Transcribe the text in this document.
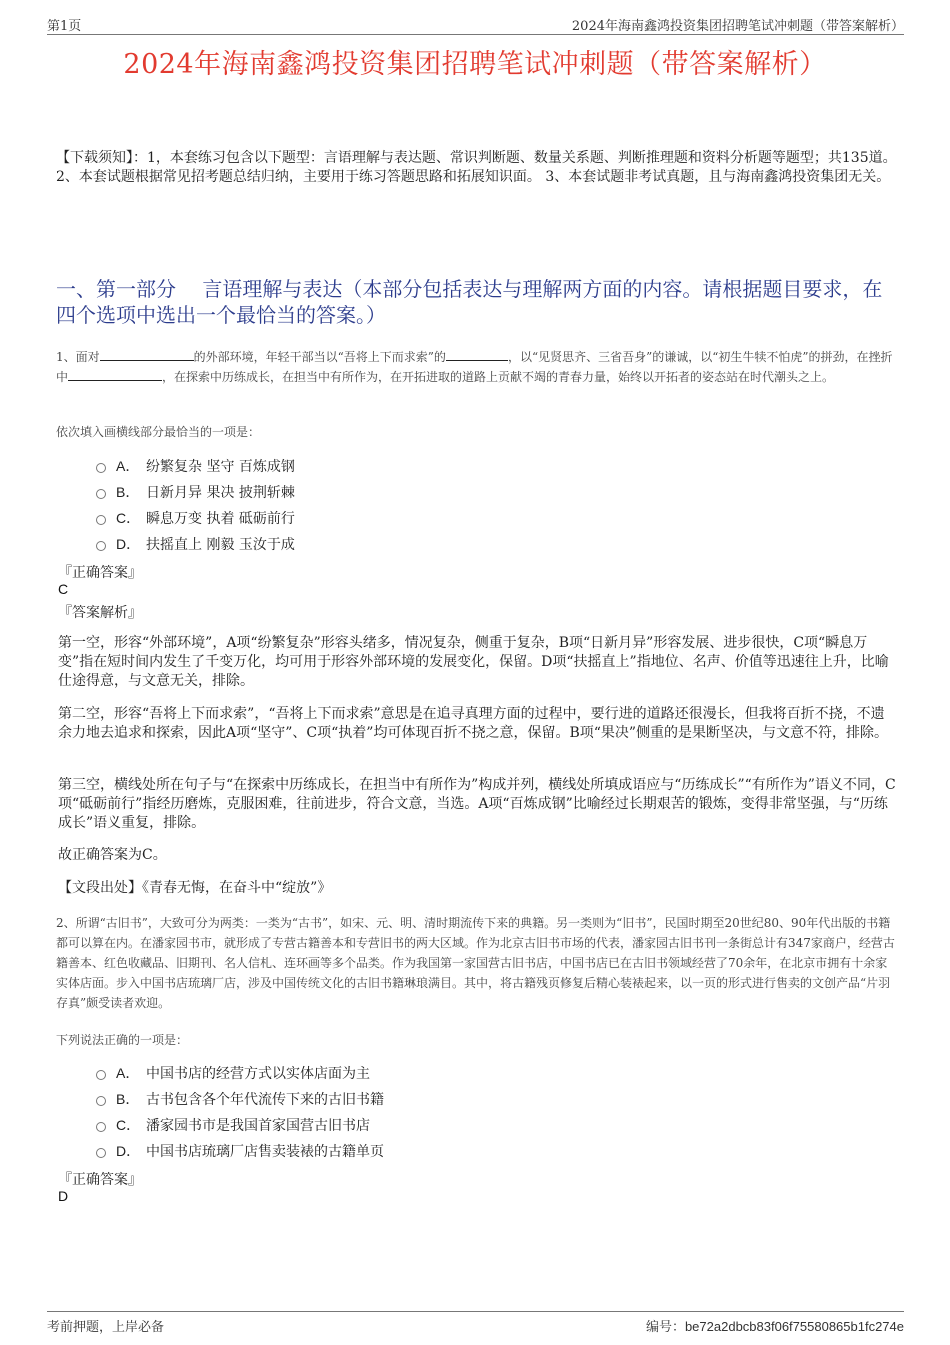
第1页	2024年海南鑫鸿投资集团招聘笔试冲刺题（带答案解析）
2024年海南鑫鸿投资集团招聘笔试冲刺题（带答案解析）
【下载须知】：1，本套练习包含以下题型：言语理解与表达题、常识判断题、数量关系题、判断推理题和资料分析题等题型；共135道。 2、本套试题根据常见招考题总结归纳，主要用于练习答题思路和拓展知识面。 3、本套试题非考试真题，且与海南鑫鸿投资集团无关。
一、第一部分　 言语理解与表达（本部分包括表达与理解两方面的内容。请根据题目要求，在四个选项中选出一个最恰当的答案。）
1、面对	的外部环境，年轻干部当以“吾将上下而求索”的	，以“见贤思齐、三省吾身”的谦诚，以“初生牛犊不怕虎”的拼劲，在挫折中	，在探索中历练成长，在担当中有所作为，在开拓进取的道路上贡献不竭的青春力量，始终以开拓者的姿态站在时代潮头之上。
依次填入画横线部分最恰当的一项是：
A． 纷繁复杂 坚守 百炼成钢
B． 日新月异 果决 披荆斩棘
C． 瞬息万变 执着 砥砺前行
D． 扶摇直上 刚毅 玉汝于成
『正确答案』
C
『答案解析』

第一空，形容“外部环境”，A项“纷繁复杂”形容头绪多，情况复杂，侧重于复杂，B项“日新月异”形容发展、进步很快，C项“瞬息万变”指在短时间内发生了千变万化，均可用于形容外部环境的发展变化，保留。D项“扶摇直上”指地位、名声、价值等迅速往上升，比喻仕途得意，与文意无关，排除。

第二空，形容“吾将上下而求索”，“吾将上下而求索”意思是在追寻真理方面的过程中，要行进的道路还很漫长，但我将百折不挠，不遗余力地去追求和探索，因此A项“坚守”、C项“执着”均可体现百折不挠之意，保留。B项“果决”侧重的是果断坚决，与文意不符，排除。

第三空，横线处所在句子与“在探索中历练成长，在担当中有所作为”构成并列，横线处所填成语应与“历练成长”“有所作为”语义不同，C项“砥砺前行”指经历磨炼，克服困难，往前进步，符合文意，当选。A项“百炼成钢”比喻经过长期艰苦的锻炼，变得非常坚强，与“历练成长”语义重复，排除。

故正确答案为C。

【文段出处】《青春无悔，在奋斗中“绽放”》

2、所谓“古旧书”，大致可分为两类：一类为“古书”，如宋、元、明、清时期流传下来的典籍。另一类则为“旧书”，民国时期至20世纪80、90年代出版的书籍都可以算在内。在潘家园书市，就形成了专营古籍善本和专营旧书的两大区域。作为北京古旧书市场的代表，潘家园古旧书刊一条街总计有347家商户，经营古籍善本、红色收藏品、旧期刊、名人信札、连环画等多个品类。作为我国第一家国营古旧书店，中国书店已在古旧书领域经营了70余年，在北京市拥有十余家实体店面。步入中国书店琉璃厂店，涉及中国传统文化的古旧书籍琳琅满目。其中，将古籍残页修复后精心装裱起来，以一页的形式进行售卖的文创产品“片羽存真”颇受读者欢迎。
下列说法正确的一项是：
A． 中国书店的经营方式以实体店面为主
B． 古书包含各个年代流传下来的古旧书籍
C． 潘家园书市是我国首家国营古旧书店
D． 中国书店琉璃厂店售卖装裱的古籍单页
『正确答案』
D
考前押题，上岸必备	编号：be72a2dbcb83f06f75580865b1fc274e
